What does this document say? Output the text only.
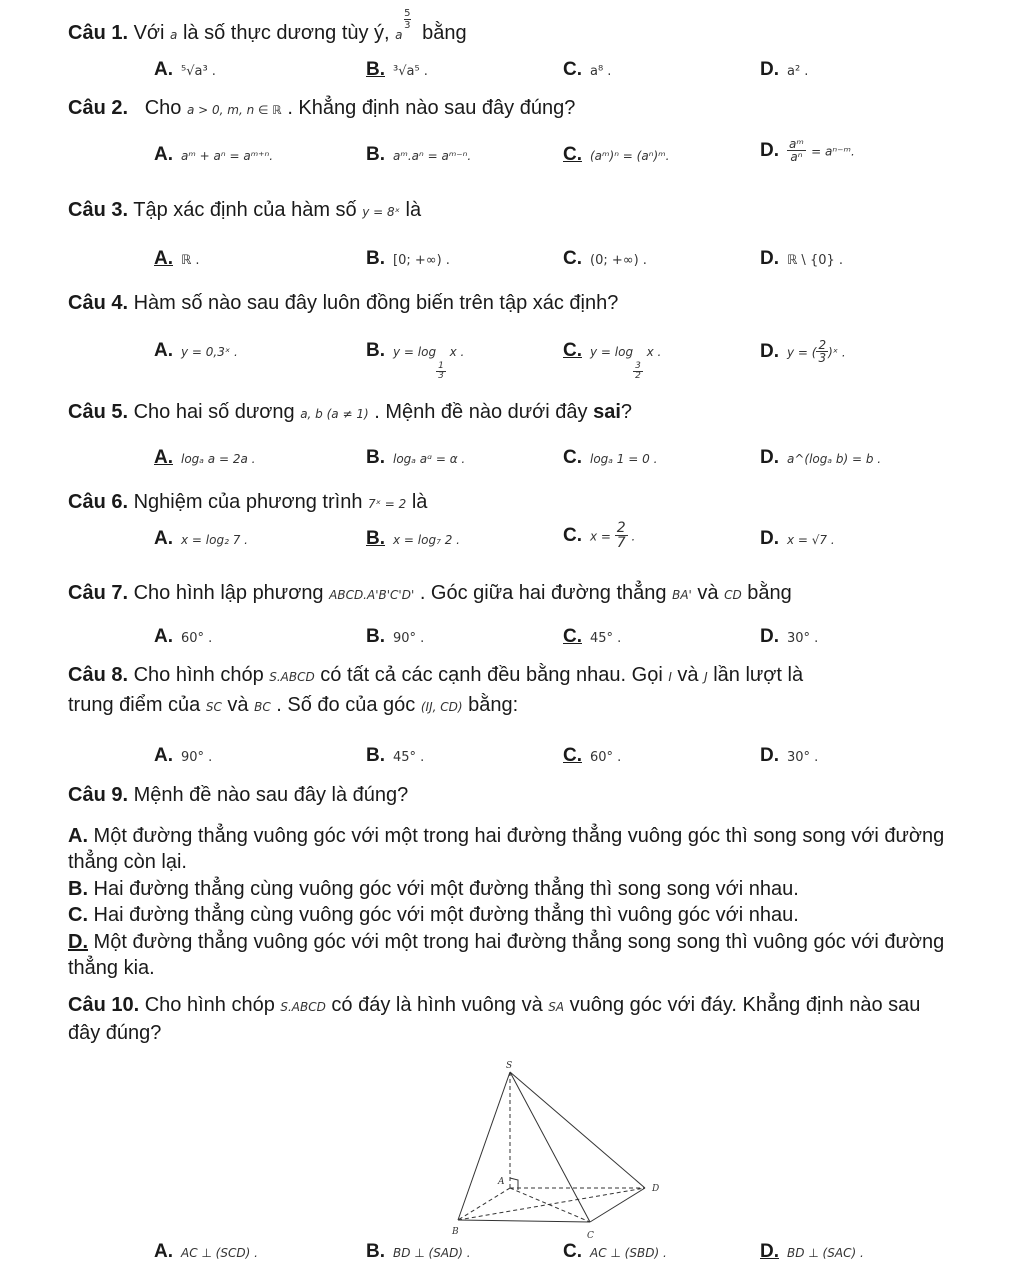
Câu 1. Với a là số thực dương tùy ý, a
5
3 bằng
A. ⁵√a³ .	B. ³√a⁵ .	C. a⁸ .	D. a² .
Câu 2.   Cho a > 0, m, n ∈ ℝ . Khẳng định nào sau đây đúng?
A. aᵐ + aⁿ = aᵐ⁺ⁿ.	B. aᵐ.aⁿ = aᵐ⁻ⁿ.	C. (aᵐ)ⁿ = (aⁿ)ᵐ.	D. $\frac{\text{aᵐ}}{\text{aⁿ}}$ = aⁿ⁻ᵐ.
Câu 3. Tập xác định của hàm số y = 8ˣ là
A. ℝ .	B. [0; +∞) .	C. (0; +∞) .	D. ℝ \ {0} .
Câu 4. Hàm số nào sau đây luôn đồng biến trên tập xác định?
A. y = 0,3ˣ .	B. y = log
$\frac{1}{3}$
x .	C. y = log
$\frac{3}{2}$
x .	D. y = ( $\frac{2}{3}$ )ˣ .
Câu 5. Cho hai số dương a, b (a ≠ 1) . Mệnh đề nào dưới đây sai?
A. logₐ a = 2a .	B. logₐ aᵅ = α .	C. logₐ 1 = 0 .	D. a^(logₐ b) = b .
Câu 6. Nghiệm của phương trình 7ˣ = 2 là
A. x = log₂ 7 .	B. x = log₇ 2 .	C. $x = \frac{2}{7}$ .	D. x = √7 .
Câu 7. Cho hình lập phương ABCD.A'B'C'D' . Góc giữa hai đường thẳng BA' và CD bằng
A. 60° .	B. 90° .	C. 45° .	D. 30° .
Câu 8. Cho hình chóp S.ABCD có tất cả các cạnh đều bằng nhau. Gọi I và J lần lượt là
trung điểm của SC và BC . Số đo của góc (IJ, CD) bằng:
A. 90° .	B. 45° .	C. 60° .	D. 30° .
Câu 9. Mệnh đề nào sau đây là đúng?
A. Một đường thẳng vuông góc với một trong hai đường thẳng vuông góc thì song song với đường thẳng còn lại.
B. Hai đường thẳng cùng vuông góc với một đường thẳng thì song song với nhau.
C. Hai đường thẳng cùng vuông góc với một đường thẳng thì vuông góc với nhau.
D. Một đường thẳng vuông góc với một trong hai đường thẳng song song thì vuông góc với đường thẳng kia.
Câu 10. Cho hình chóp S.ABCD có đáy là hình vuông và SA vuông góc với đáy. Khẳng định nào sau đây đúng?
S
A
B	C
D
A. AC ⊥ (SCD) .	B. BD ⊥ (SAD) .	C. AC ⊥ (SBD) .	D. BD ⊥ (SAC) .
